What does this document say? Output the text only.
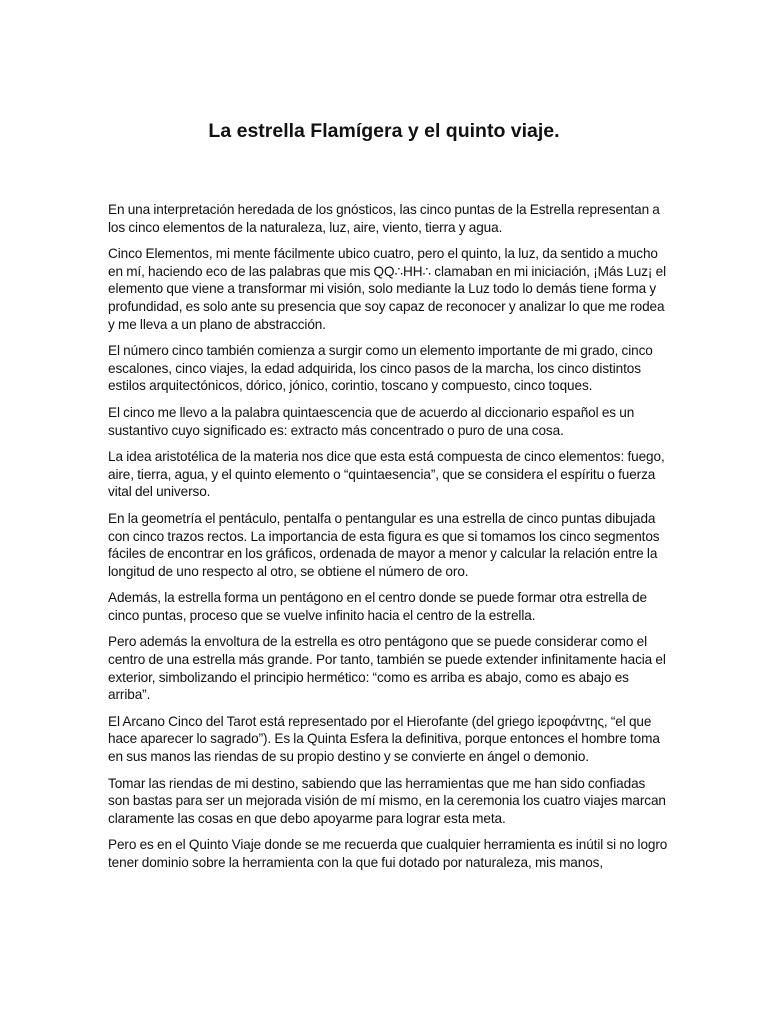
La estrella Flamígera y el quinto viaje.

En una interpretación heredada de los gnósticos, las cinco puntas de la Estrella representan a los cinco elementos de la naturaleza, luz, aire, viento, tierra y agua.

Cinco Elementos, mi mente fácilmente ubico cuatro, pero el quinto, la luz, da sentido a mucho en mí, haciendo eco de las palabras que mis QQ∴HH∴ clamaban en mi iniciación, ¡Más Luz¡ el elemento que viene a transformar mi visión, solo mediante la Luz todo lo demás tiene forma y profundidad, es solo ante su presencia que soy capaz de reconocer y analizar lo que me rodea y me lleva a un plano de abstracción.

El número cinco también comienza a surgir como un elemento importante de mi grado, cinco escalones, cinco viajes, la edad adquirida, los cinco pasos de la marcha, los cinco distintos estilos arquitectónicos, dórico, jónico, corintio, toscano y compuesto, cinco toques.

El cinco me llevo a la palabra quintaescencia que de acuerdo al diccionario español es un sustantivo cuyo significado es: extracto más concentrado o puro de una cosa.

La idea aristotélica de la materia nos dice que esta está compuesta de cinco elementos: fuego, aire, tierra, agua, y el quinto elemento o “quintaesencia”, que se considera el espíritu o fuerza vital del universo.

En la geometría el pentáculo, pentalfa o pentangular es una estrella de cinco puntas dibujada con cinco trazos rectos. La importancia de esta figura es que si tomamos los cinco segmentos fáciles de encontrar en los gráficos, ordenada de mayor a menor y calcular la relación entre la longitud de uno respecto al otro, se obtiene el número de oro.

Además, la estrella forma un pentágono en el centro donde se puede formar otra estrella de cinco puntas, proceso que se vuelve infinito hacia el centro de la estrella.

Pero además la envoltura de la estrella es otro pentágono que se puede considerar como el centro de una estrella más grande. Por tanto, también se puede extender infinitamente hacia el exterior, simbolizando el principio hermético: “como es arriba es abajo, como es abajo es arriba”.

El Arcano Cinco del Tarot está representado por el Hierofante (del griego ἱεροφάντης, “el que hace aparecer lo sagrado”). Es la Quinta Esfera la definitiva, porque entonces el hombre toma en sus manos las riendas de su propio destino y se convierte en ángel o demonio.

Tomar las riendas de mi destino, sabiendo que las herramientas que me han sido confiadas son bastas para ser un mejorada visión de mí mismo, en la ceremonia los cuatro viajes marcan claramente las cosas en que debo apoyarme para lograr esta meta.

Pero es en el Quinto Viaje donde se me recuerda que cualquier herramienta es inútil si no logro tener dominio sobre la herramienta con la que fui dotado por naturaleza, mis manos,
